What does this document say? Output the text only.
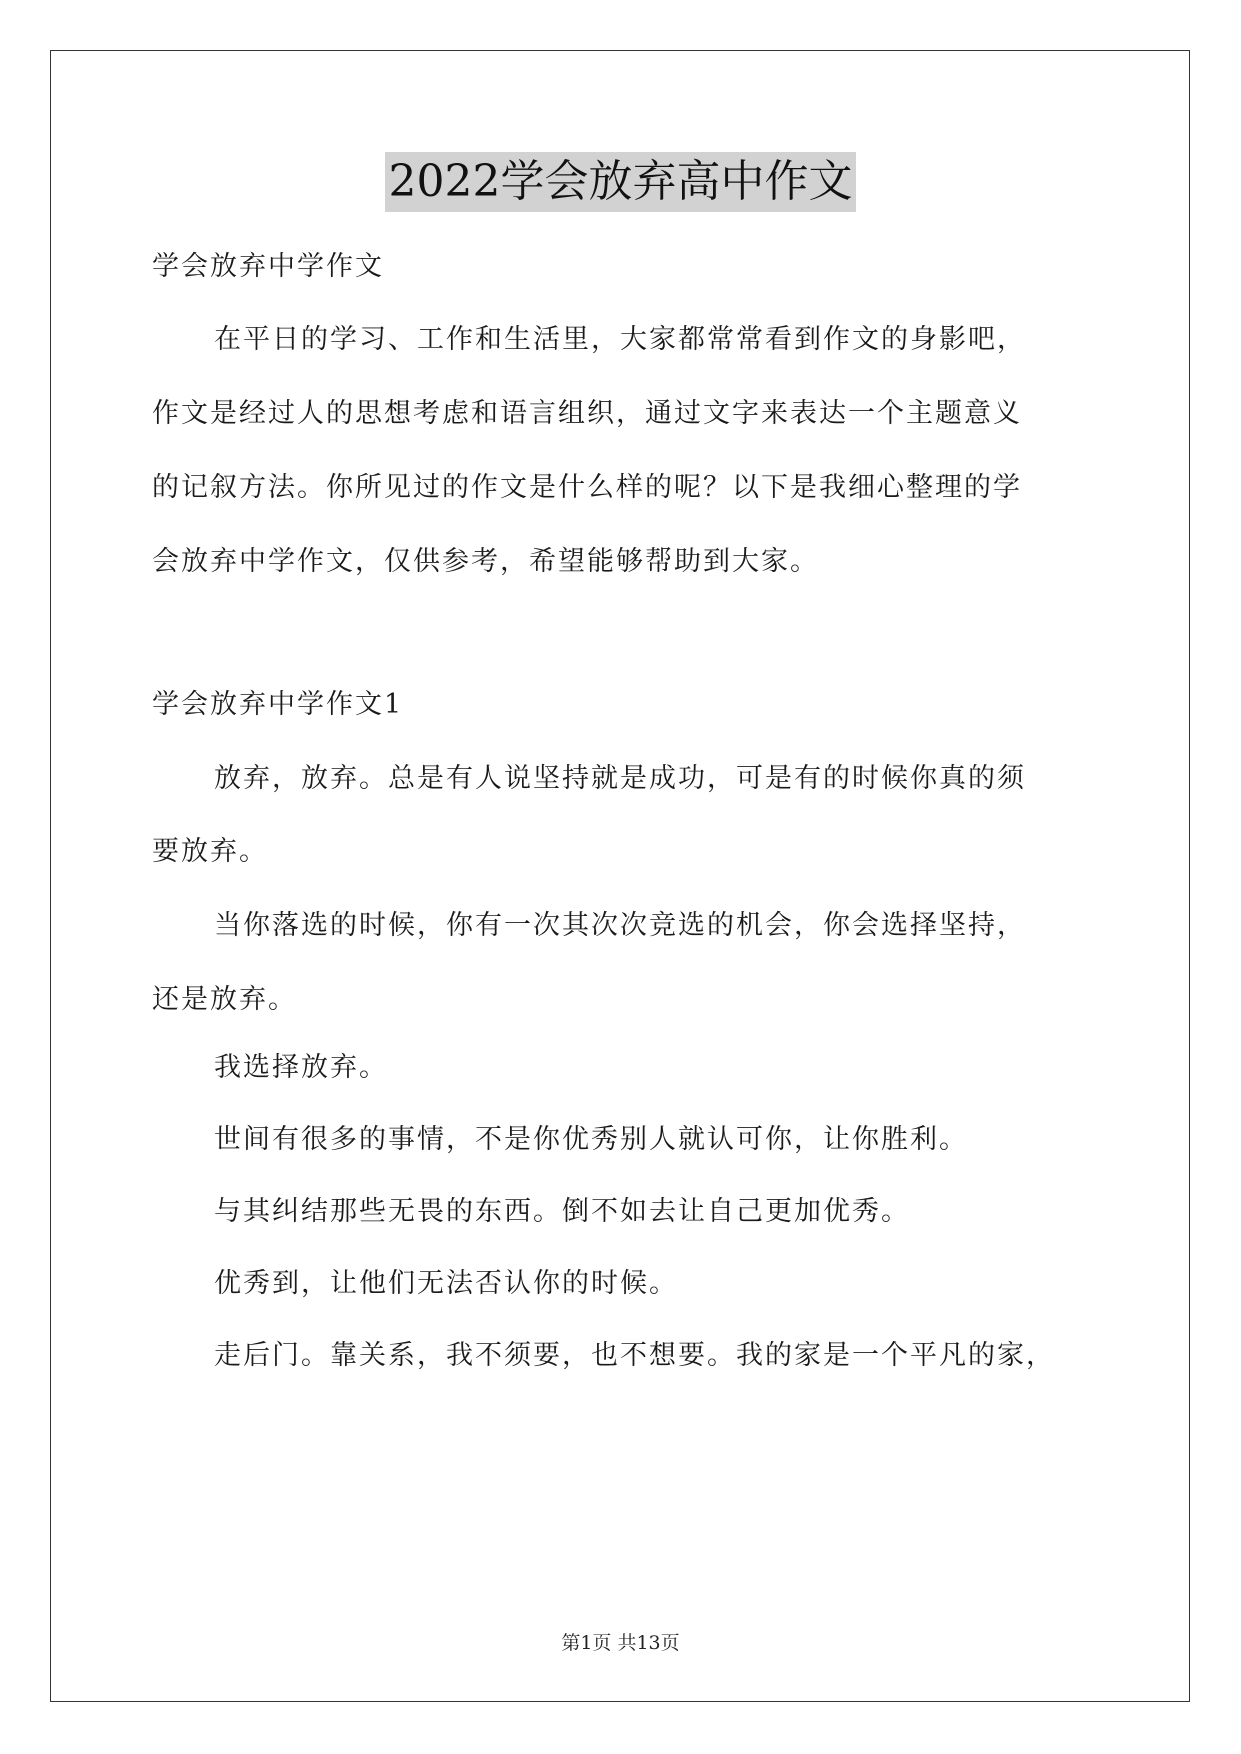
2022学会放弃高中作文
学会放弃中学作文
在平日的学习、工作和生活里，大家都常常看到作文的身影吧，
作文是经过人的思想考虑和语言组织，通过文字来表达一个主题意义
的记叙方法。你所见过的作文是什么样的呢？以下是我细心整理的学
会放弃中学作文，仅供参考，希望能够帮助到大家。
学会放弃中学作文1
放弃，放弃。总是有人说坚持就是成功，可是有的时候你真的须
要放弃。
当你落选的时候，你有一次其次次竞选的机会，你会选择坚持，
还是放弃。
我选择放弃。
世间有很多的事情，不是你优秀别人就认可你，让你胜利。
与其纠结那些无畏的东西。倒不如去让自己更加优秀。
优秀到，让他们无法否认你的时候。
走后门。靠关系，我不须要，也不想要。我的家是一个平凡的家，
第1页 共13页
